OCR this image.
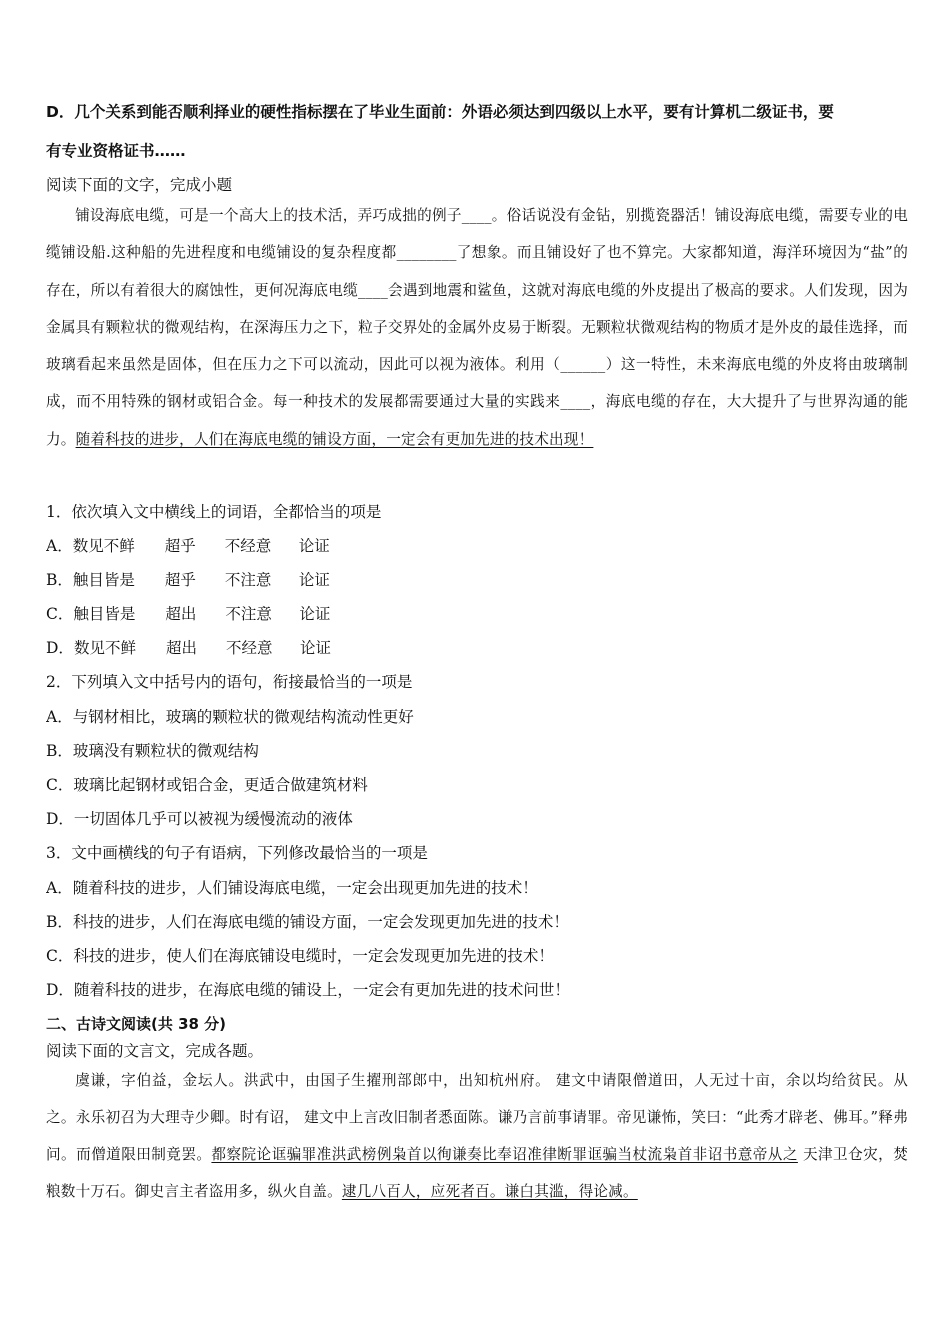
D．几个关系到能否顺利择业的硬性指标摆在了毕业生面前：外语必须达到四级以上水平，要有计算机二级证书，要
有专业资格证书……
阅读下面的文字，完成小题
铺设海底电缆，可是一个高大上的技术活，弄巧成拙的例子____。俗话说没有金钻，别揽瓷器活！铺设海底电缆，需要专业的电缆铺设船.这种船的先进程度和电缆铺设的复杂程度都________了想象。而且铺设好了也不算完。大家都知道，海洋环境因为“盐”的存在，所以有着很大的腐蚀性，更何况海底电缆____会遇到地震和鲨鱼，这就对海底电缆的外皮提出了极高的要求。人们发现，因为金属具有颗粒状的微观结构，在深海压力之下，粒子交界处的金属外皮易于断裂。无颗粒状微观结构的物质才是外皮的最佳选择，而玻璃看起来虽然是固体，但在压力之下可以流动，因此可以视为液体。利用（______）这一特性，未来海底电缆的外皮将由玻璃制成，而不用特殊的钢材或铝合金。每一种技术的发展都需要通过大量的实践来____，海底电缆的存在，大大提升了与世界沟通的能力。随着科技的进步，人们在海底电缆的铺设方面，一定会有更加先进的技术出现！
1．依次填入文中横线上的词语，全都恰当的项是
A．数见不鲜 超乎 不经意 论证
B．触目皆是 超乎 不注意 论证
C．触目皆是 超出 不注意 论证
D．数见不鲜 超出 不经意 论证
2．下列填入文中括号内的语句，衔接最恰当的一项是
A．与钢材相比，玻璃的颗粒状的微观结构流动性更好
B．玻璃没有颗粒状的微观结构
C．玻璃比起钢材或铝合金，更适合做建筑材料
D．一切固体几乎可以被视为缓慢流动的液体
3．文中画横线的句子有语病，下列修改最恰当的一项是
A．随着科技的进步，人们铺设海底电缆，一定会出现更加先进的技术！
B．科技的进步，人们在海底电缆的铺设方面，一定会发现更加先进的技术！
C．科技的进步，使人们在海底铺设电缆时，一定会发现更加先进的技术！
D．随着科技的进步，在海底电缆的铺设上，一定会有更加先进的技术问世！
二、古诗文阅读(共 38 分)
阅读下面的文言文，完成各题。
虞谦，字伯益，金坛人。洪武中，由国子生擢刑部郎中，出知杭州府。 建文中请限僧道田，人无过十亩，余以均给贫民。从之。永乐初召为大理寺少卿。时有诏， 建文中上言改旧制者悉面陈。谦乃言前事请罪。帝见谦怖，笑曰：“此秀才辟老、佛耳。”释弗问。而僧道限田制竟罢。都察院论诓骗罪准洪武榜例枭首以徇谦奏比奉诏准律断罪诓骗当杖流枭首非诏书意帝从之 天津卫仓灾，焚粮数十万石。御史言主者盗用多，纵火自盖。逮几八百人，应死者百。谦白其滥，得论减。
